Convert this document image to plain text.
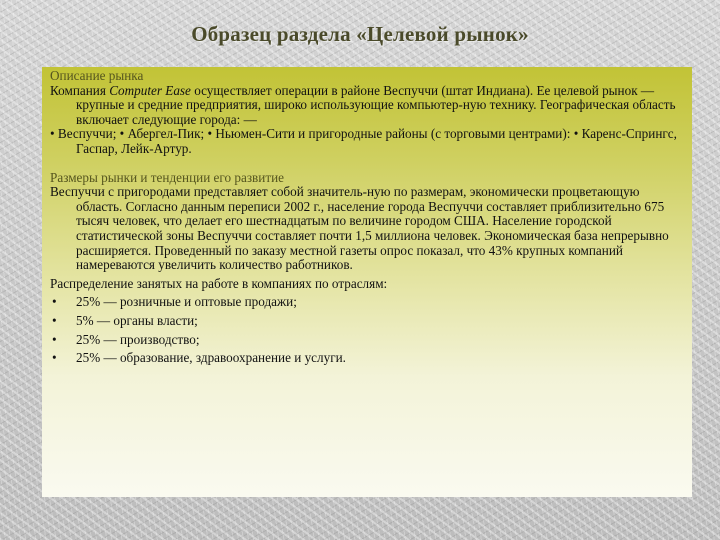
Образец раздела «Целевой рынок»

Описание рынка

Компания Computer Ease осуществляет операции в районе Веспуччи (штат Индиана). Ее целевой рынок — крупные и средние предприятия, широко использующие компьютер-ную технику. Географическая область включает следующие города: —

• Веспуччи; • Абергел-Пик; • Ньюмен-Сити и пригородные районы (с торговыми центрами): • Каренс-Спрингс, Гаспар, Лейк-Артур.

Размеры рынки и тенденции его развитие

Веспуччи с пригородами представляет собой значитель-ную по размерам, экономически процветающую область. Согласно данным переписи 2002 г., население города Веспуччи составляет приблизительно 675 тысяч человек, что делает его шестнадцатым по величине городом США. Население городской статистической зоны Веспуччи составляет почти 1,5 миллиона человек. Экономическая база непрерывно расширяется. Проведенный по заказу местной газеты опрос показал, что 43% крупных компаний намереваются увеличить количество работников.

Распределение занятых на работе в компаниях по отраслям:

• 25% — розничные и оптовые продажи;

• 5% — органы власти;

• 25% — производство;

• 25% — образование, здравоохранение и услуги.
